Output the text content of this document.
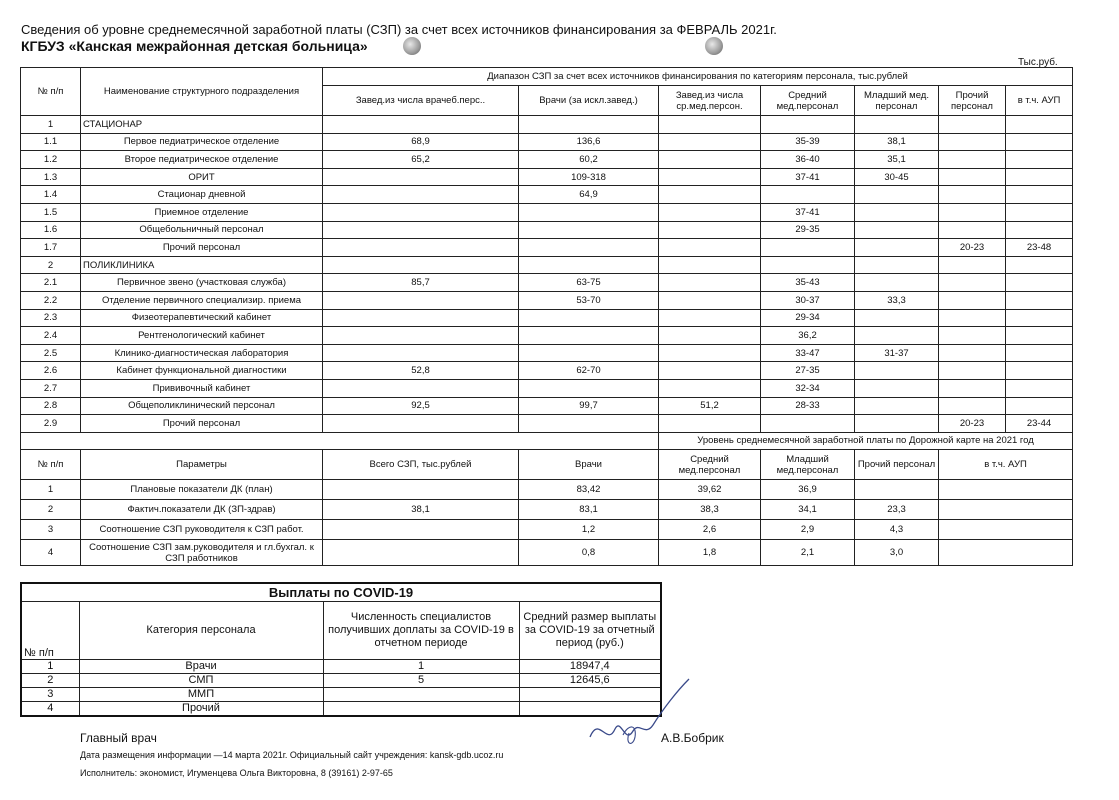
Сведения об уровне среднемесячной заработной платы (СЗП) за счет всех источников финансирования за ФЕВРАЛЬ 2021г.
КГБУЗ «Канская межрайонная детская больница»
Тыс.руб.
№ п/п	Наименование структурного подразделения	Диапазон СЗП за счет всех источников финансирования по категориям персонала, тыс.рублей						
		Завед.из числа врачеб.перс..	Врачи (за искл.завед.)	Завед.из числа ср.мед.персон.	Средний мед.персонал	Младший мед. персонал	Прочий персонал	в т.ч. АУП
1	СТАЦИОНАР							
1.1	Первое педиатрическое отделение	68,9	136,6		35-39	38,1		
1.2	Второе педиатрическое отделение	65,2	60,2		36-40	35,1		
1.3	ОРИТ		109-318		37-41	30-45		
1.4	Стационар дневной		64,9					
1.5	Приемное отделение				37-41			
1.6	Общебольничный персонал				29-35			
1.7	Прочий персонал						20-23	23-48
2	ПОЛИКЛИНИКА							
2.1	Первичное звено (участковая служба)	85,7	63-75		35-43			
2.2	Отделение первичного специализир. приема		53-70		30-37	33,3		
2.3	Физеотерапевтический кабинет				29-34			
2.4	Рентгенологический кабинет				36,2			
2.5	Клинико-диагностическая лаборатория				33-47	31-37		
2.6	Кабинет функциональной диагностики	52,8	62-70		27-35			
2.7	Прививочный кабинет				32-34			
2.8	Общеполиклинический персонал	92,5	99,7	51,2	28-33			
2.9	Прочий персонал						20-23	23-44
				Уровень среднемесячной заработной платы по Дорожной карте на 2021 год				
№ п/п	Параметры	Всего СЗП, тыс.рублей	Врачи	Средний мед.персонал	Младший мед.персонал	Прочий персонал	в т.ч. АУП	
1	Плановые показатели ДК (план)		83,42	39,62	36,9			
2	Фактич.показатели ДК (ЗП-здрав)	38,1	83,1	38,3	34,1	23,3		
3	Соотношение СЗП руководителя к СЗП работ.		1,2	2,6	2,9	4,3		
4	Соотношение СЗП зам.руководителя и гл.бухгал. к СЗП работников		0,8	1,8	2,1	3,0		
Выплаты по COVID-19			
№ п/п	Категория персонала	Численность специалистов получивших доплаты за COVID-19 в отчетном периоде	Средний размер выплаты за COVID-19 за отчетный период (руб.)
1	Врачи	1	18947,4
2	СМП	5	12645,6
3	ММП		
4	Прочий		
Главный врач	А.В.Бобрик
Дата размещения информации —14 марта 2021г. Официальный сайт учреждения: kansk-gdb.ucoz.ru
Исполнитель: экономист, Игуменцева Ольга Викторовна, 8 (39161) 2-97-65
